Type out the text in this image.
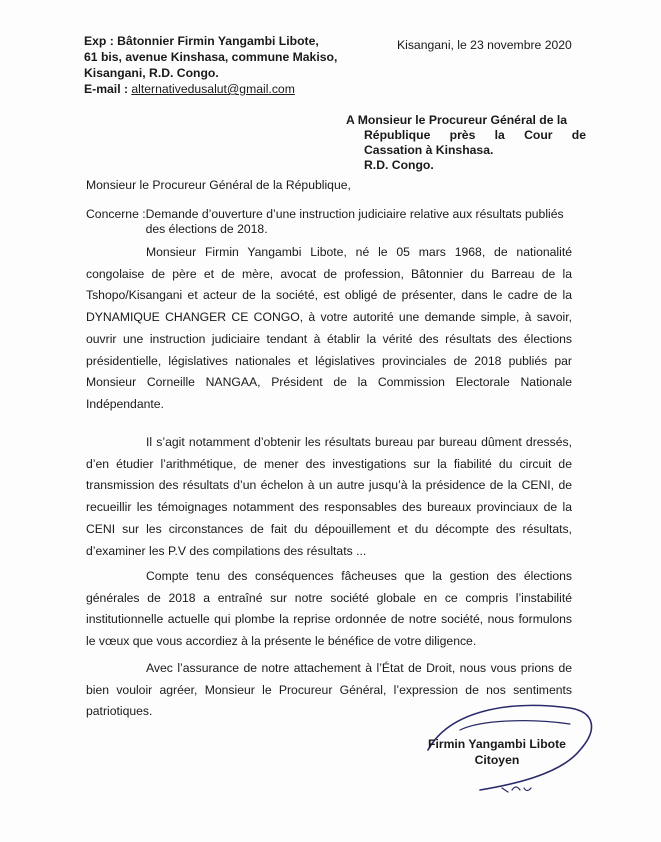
Exp : Bâtonnier Firmin Yangambi Libote,
61 bis, avenue Kinshasa, commune Makiso,
Kisangani, R.D. Congo.
E-mail : alternativedusalut@gmail.com
Kisangani, le 23 novembre 2020
A Monsieur le Procureur Général de la
République près la Cour de
Cassation à Kinshasa.
R.D. Congo.
Monsieur le Procureur Général de la République,
Concerne : Demande d’ouverture d’une instruction judiciaire relative aux résultats publiés des élections de 2018.

Monsieur Firmin Yangambi Libote, né le 05 mars 1968, de nationalité congolaise de père et de mère, avocat de profession, Bâtonnier du Barreau de la Tshopo/Kisangani et acteur de la société, est obligé de présenter, dans le cadre de la DYNAMIQUE CHANGER CE CONGO, à votre autorité une demande simple, à savoir, ouvrir une instruction judiciaire tendant à établir la vérité des résultats des élections présidentielle, législatives nationales et législatives provinciales de 2018 publiés par Monsieur Corneille NANGAA, Président de la Commission Electorale Nationale Indépendante.

Il s’agit notamment d’obtenir les résultats bureau par bureau dûment dressés, d’en étudier l’arithmétique, de mener des investigations sur la fiabilité du circuit de transmission des résultats d’un échelon à un autre jusqu’à la présidence de la CENI, de recueillir les témoignages notamment des responsables des bureaux provinciaux de la CENI sur les circonstances de fait du dépouillement et du décompte des résultats, d’examiner les P.V des compilations des résultats ...

Compte tenu des conséquences fâcheuses que la gestion des élections générales de 2018 a entraîné sur notre société globale en ce compris l’instabilité institutionnelle actuelle qui plombe la reprise ordonnée de notre société, nous formulons le vœux que vous accordiez à la présente le bénéfice de votre diligence.

Avec l’assurance de notre attachement à l’État de Droit, nous vous prions de bien vouloir agréer, Monsieur le Procureur Général, l’expression de nos sentiments patriotiques.

Firmin Yangambi Libote
Citoyen
